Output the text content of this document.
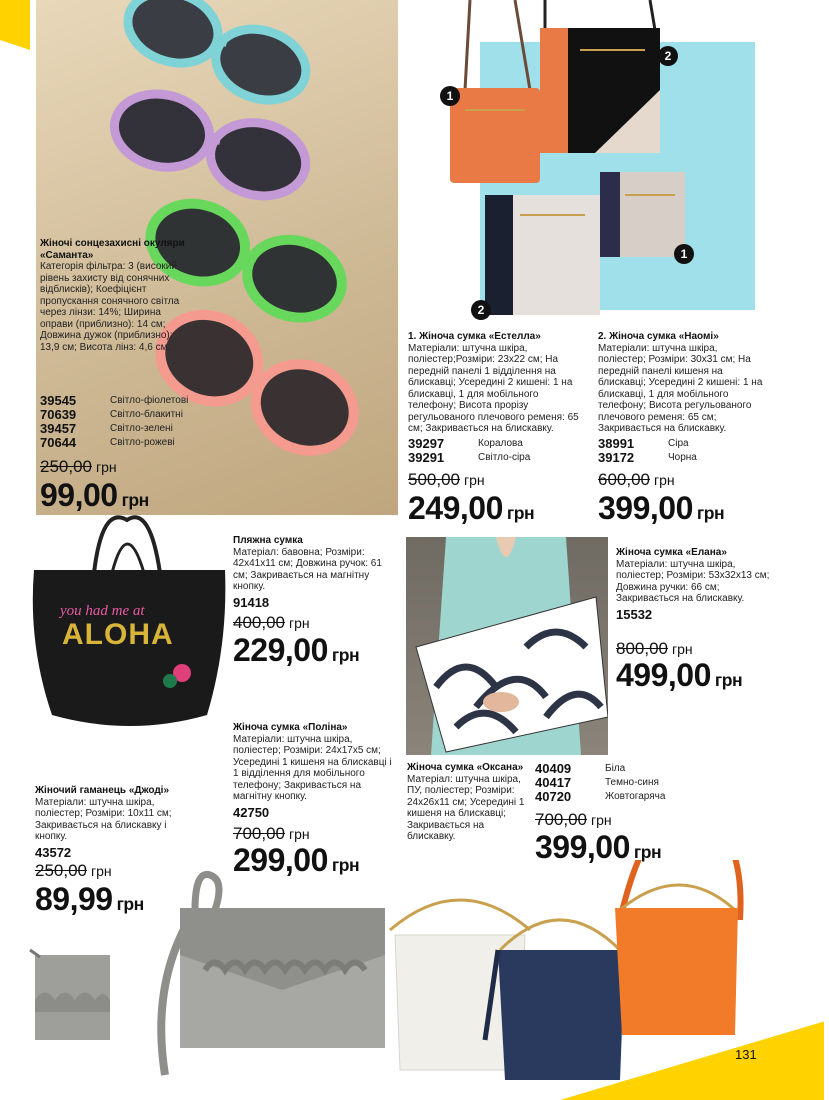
Жіночі сонцезахисні окуляри «Саманта»
Категорія фільтра: 3 (високий рівень захисту від сонячних відблисків); Коефіцієнт пропускання сонячного світла через лінзи: 14%; Ширина оправи (приблизно): 14 см; Довжина дужок (приблизно): 13,9 см; Висота лінз: 4,6 см.
39545	Світло-фіолетові
70639	Світло-блакитні
39457	Світло-зелені
70644	Світло-рожеві
250,00 грн
99,00 грн
1
2
1
2
1. Жіноча сумка «Естелла»
Матеріали: штучна шкіра, поліестер;Розміри: 23x22 см; На передній панелі 1 відділення на блискавці; Усередині 2 кишені: 1 на блискавці, 1 для мобільного телефону; Висота прорізу регульованого плечового ременя: 65 см; Закривається на блискавку.
39297	Коралова
39291	Світло-сіра
500,00 грн
249,00 грн
2. Жіноча сумка «Наомі»
Матеріали: штучна шкіра, поліестер; Розміри: 30x31 см; На передній панелі кишеня на блискавці; Усередині 2 кишені: 1 на блискавці, 1 для мобільного телефону; Висота регульованого плечового ременя: 65 см; Закривається на блискавку.
38991	Сіра
39172	Чорна
600,00 грн
399,00 грн
you had me at
ALOHA
Пляжна сумка
Матеріал: бавовна; Розміри: 42x41x11 см; Довжина ручок: 61 см; Закривається на магнітну кнопку.
91418
400,00 грн
229,00 грн
Жіноча сумка «Елана»
Матеріали: штучна шкіра, поліестер; Розміри: 53x32x13 см; Довжина ручки: 66 см; Закривається на блискавку.
15532
800,00 грн
499,00 грн
Жіночий гаманець «Джоді»
Матеріали: штучна шкіра, поліестер; Розміри: 10x11 см; Закривається на блискавку і кнопку.
43572
250,00 грн
89,99 грн
Жіноча сумка «Поліна»
Матеріали: штучна шкіра, поліестер; Розміри: 24x17x5 см; Усередині 1 кишеня на блискавці і 1 відділення для мобільного телефону; Закривається на магнітну кнопку.
42750
700,00 грн
299,00 грн
Жіноча сумка «Оксана»
Матеріал: штучна шкіра, ПУ, поліестер; Розміри: 24x26x11 см; Усередині 1 кишеня на блискавці; Закривається на блискавку.
40409	Біла
40417	Темно-синя
40720	Жовтогаряча
700,00 грн
399,00 грн
131
